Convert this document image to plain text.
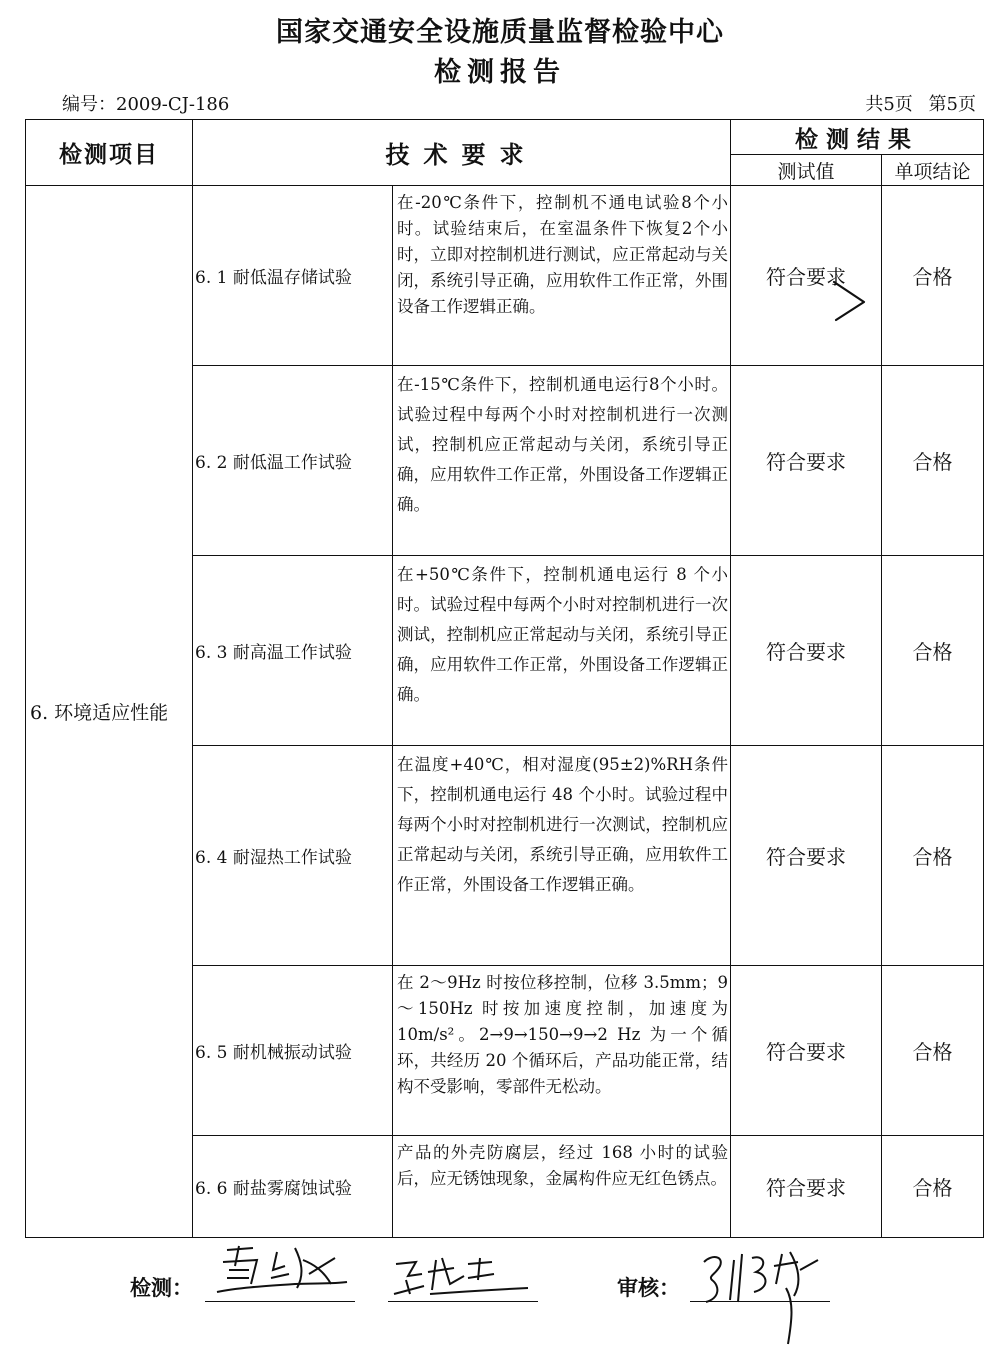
国家交通安全设施质量监督检验中心
检测报告
编号：2009-CJ-186	共5页 第5页
检测项目	技术要求		检测结果	
			测试值	单项结论
6. 环境适应性能	6. 1 耐低温存储试验	在-20℃条件下，控制机不通电试验8个小时。试验结束后，在室温条件下恢复2个小时，立即对控制机进行测试，应正常起动与关闭，系统引导正确，应用软件工作正常，外围设备工作逻辑正确。	符合要求	合格
	6. 2 耐低温工作试验	在-15℃条件下，控制机通电运行8个小时。试验过程中每两个小时对控制机进行一次测试，控制机应正常起动与关闭，系统引导正确，应用软件工作正常，外围设备工作逻辑正确。	符合要求	合格
	6. 3 耐高温工作试验	在+50℃条件下，控制机通电运行 8 个小时。试验过程中每两个小时对控制机进行一次测试，控制机应正常起动与关闭，系统引导正确，应用软件工作正常，外围设备工作逻辑正确。	符合要求	合格
	6. 4 耐湿热工作试验	在温度+40℃，相对湿度(95±2)%RH条件下，控制机通电运行 48 个小时。试验过程中每两个小时对控制机进行一次测试，控制机应正常起动与关闭，系统引导正确，应用软件工作正常，外围设备工作逻辑正确。	符合要求	合格
	6. 5 耐机械振动试验	在 2～9Hz 时按位移控制，位移 3.5mm；9～150Hz 时按加速度控制，加速度为10m/s²。2→9→150→9→2 Hz 为一个循环，共经历 20 个循环后，产品功能正常，结构不受影响，零部件无松动。	符合要求	合格
	6. 6 耐盐雾腐蚀试验	产品的外壳防腐层，经过 168 小时的试验后，应无锈蚀现象，金属构件应无红色锈点。	符合要求	合格
检测：	审核：
